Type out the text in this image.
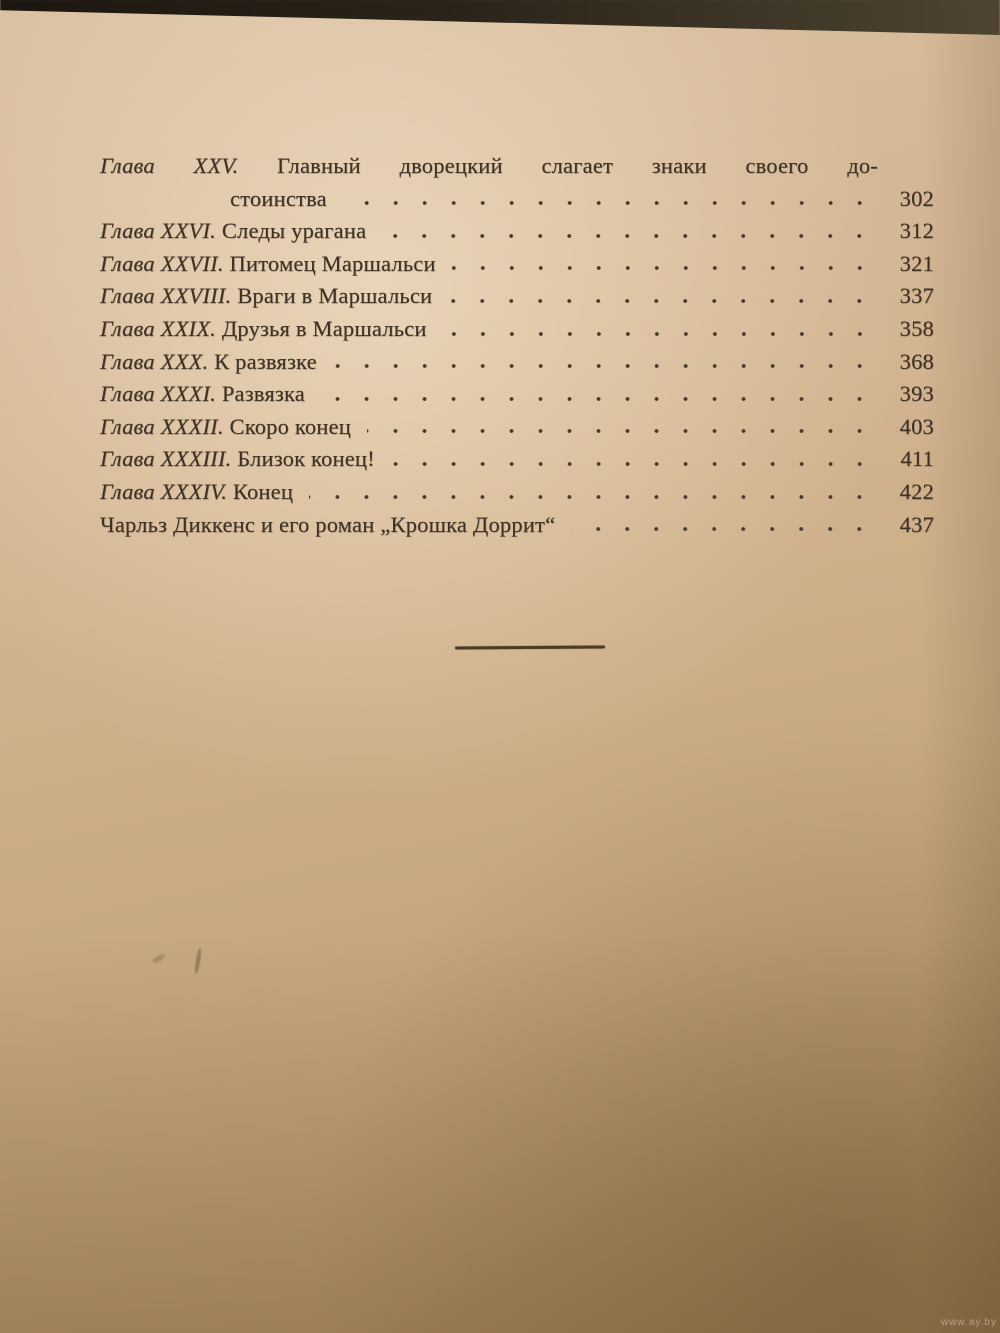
Глава XXV. Главный дворецкий слагает знаки своего до-
стоинства	302
Глава XXVI. Следы урагана	312
Глава XXVII. Питомец Маршальси	321
Глава XXVIII. Враги в Маршальси	337
Глава XXIX. Друзья в Маршальси	358
Глава XXX. К развязке	368
Глава XXXI. Развязка	393
Глава XXXII. Скоро конец	403
Глава XXXIII. Близок конец!	411
Глава XXXIV. Конец	422
Чарльз Диккенс и его роман „Крошка Доррит“	437
www.ay.by
